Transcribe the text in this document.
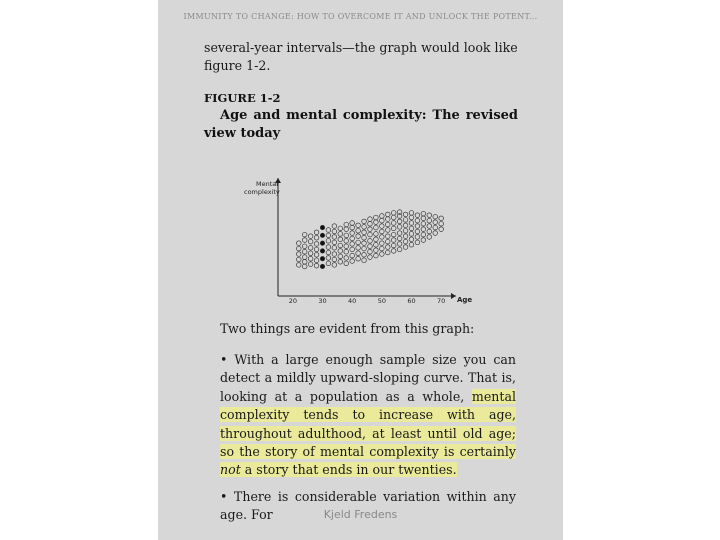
IMMUNITY TO CHANGE: HOW TO OVERCOME IT AND UNLOCK THE POTENT...
several-year intervals—the graph would look like figure 1-2.
FIGURE 1-2
Age and mental complexity: The revised view today
Mental
complexity
20	30	40	50	60	70 Age
Two things are evident from this graph:
• With a large enough sample size you can detect a mildly upward-sloping curve. That is, looking at a population as a whole, mental complexity tends to increase with age, throughout adulthood, at least until old age; so the story of mental complexity is certainly not a story that ends in our twenties.
• There is considerable variation within any age. For	Kjeld Fredens
